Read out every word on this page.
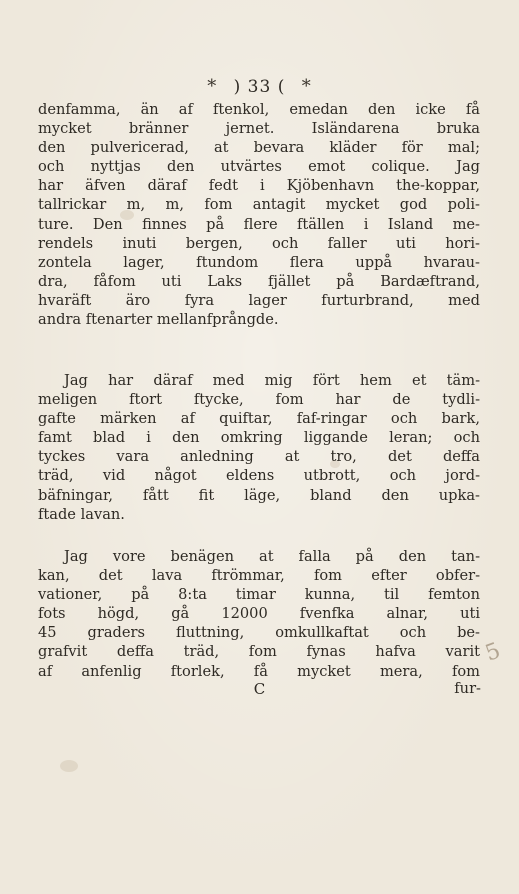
* ) 33 ( *
denfamma, än af ftenkol, emedan den icke få
mycket bränner jernet. Isländarena brukа
den pulvericerad, at bevara kläder för mal;
och nyttjas den utvärtes emot colique. Jag
har äfven däraf fedt i Kjöbenhavn the-koppar,
tallrickar m, m, fom antagit mycket god poli-
ture. Den finnes på flere ftällen i Island me-
rendels inuti bergen, och faller uti hori-
zontela lager, ftundom flera uppå hvarau-
dra, fåfom uti Laks fjället på Bardæftrand,
hvaräft äro fyra lager furturbrand, med
andra ftenarter mellanfprångde.
Jag har däraf med mig fört hem et täm-
meligen ftort ftycke, fom har de tydli-
gafte märken af quiftar, faf-ringar och bark,
famt blad i den omkring liggande leran; och
tyckes vara anledning at tro, det deffa
träd, vid något eldens utbrott, och jord-
bäfningar, fått fit läge, bland den upka-
ftade lavan.
Jag vore benägen at falla på den tan-
kan, det lava ftrömmar, fom efter obfer-
vationer, på 8:ta timar kunna, til femton
fots högd, gå 12000 fvenfka alnar, uti
45 graders fluttning, omkullkaftat och be-
grafvit deffa träd, fom fynas hafva varit
af anfenlig ftorlek, få mycket mera, fom
C	fur-
5
